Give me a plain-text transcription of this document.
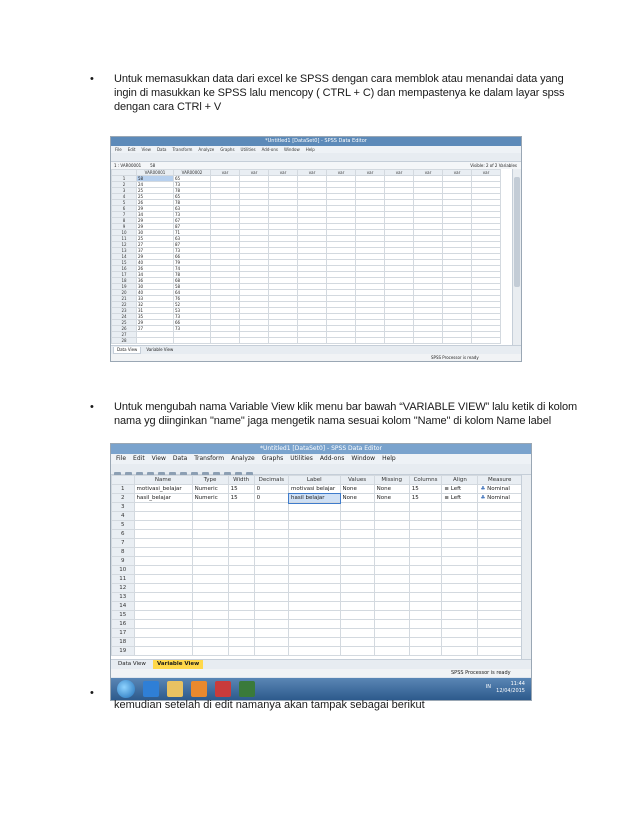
• Untuk memasukkan data dari excel ke SPSS dengan cara memblok atau menandai data yang
ingin di masukkan ke SPSS lalu mencopy ( CTRL + C) dan mempastenya ke dalam layar spss
dengan cara CTRl + V
*Untitled1 [DataSet0] - SPSS Data Editor
File Edit View Data Transform Analyze Graphs Utilities Add-ons Window Help
1 : VAR00001 58	Visible: 2 of 2 Variables
	VAR00001	VAR00002	var	var	var	var	var	var	var	var	var	var
1	58	65										
2	24	73										
3	25	78										
4	25	65										
5	26	78										
6	29	63										
7	34	73										
8	29	67										
9	29	87										
10	30	71										
11	25	63										
12	27	87										
13	37	73										
14	29	66										
15	40	79										
16	26	74										
17	34	78										
18	36	68										
19	30	58										
20	40	64										
21	33	76										
22	32	52										
23	31	53										
24	35	73										
25	29	66										
26	27	73										
27												
28												
Data View Variable View
SPSS Processor is ready
• Untuk mengubah nama Variable View klik menu bar bawah “VARIABLE VIEW” lalu ketik di kolom
nama yg diinginkan "name" jaga mengetik nama sesuai kolom "Name" di kolom Name label
*Untitled1 [DataSet0] - SPSS Data Editor
File Edit View Data Transform Analyze Graphs Utilities Add-ons Window Help
	Name	Type	Width	Decimals	Label	Values	Missing	Columns	Align	Measure
1	motivasi_belajar	Numeric	15	0	motivasi belajar	None	None	15	≡ Left	♣ Nominal
2	hasil_belajar	Numeric	15	0	hasil belajar	None	None	15	≡ Left	♣ Nominal
3										
4										
5										
6										
7										
8										
9										
10										
11										
12										
13										
14										
15										
16										
17										
18										
19										
Data View Variable View
SPSS Processor is ready
IN	11:44
12/04/2015
•
kemudian setelah di edit namanya akan tampak sebagai berikut
